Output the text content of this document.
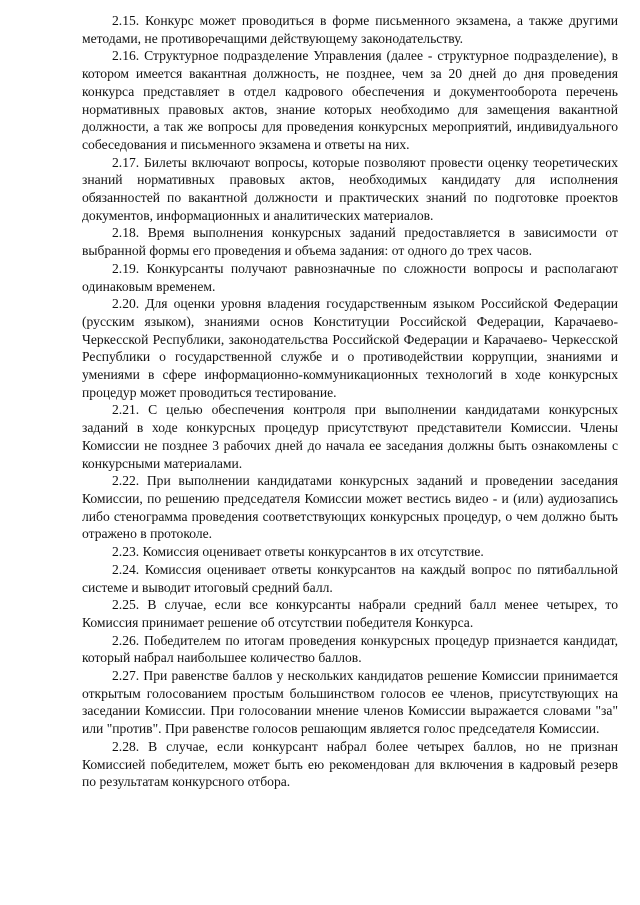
2.15. Конкурс может проводиться в форме письменного экзамена, а также другими методами, не противоречащими действующему законодательству.

2.16. Структурное подразделение Управления (далее - структурное подразделение), в котором имеется вакантная должность, не позднее, чем за 20 дней до дня проведения конкурса представляет в отдел кадрового обеспечения и документооборота перечень нормативных правовых актов, знание которых необходимо для замещения вакантной должности, а так же вопросы для проведения конкурсных мероприятий, индивидуального собеседования и письменного экзамена и ответы на них.

2.17. Билеты включают вопросы, которые позволяют провести оценку теоретических знаний нормативных правовых актов, необходимых кандидату для исполнения обязанностей по вакантной должности и практических знаний по подготовке проектов документов, информационных и аналитических материалов.

2.18. Время выполнения конкурсных заданий предоставляется в зависимости от выбранной формы его проведения и объема задания: от одного до трех часов.

2.19. Конкурсанты получают равнозначные по сложности вопросы и располагают одинаковым временем.

2.20. Для оценки уровня владения государственным языком Российской Федерации (русским языком), знаниями основ Конституции Российской Федерации, Карачаево-Черкесской Республики, законодательства Российской Федерации и Карачаево- Черкесской Республики о государственной службе и о противодействии коррупции, знаниями и умениями в сфере информационно-коммуникационных технологий в ходе конкурсных процедур может проводиться тестирование.

2.21. С целью обеспечения контроля при выполнении кандидатами конкурсных заданий в ходе конкурсных процедур присутствуют представители Комиссии. Члены Комиссии не позднее 3 рабочих дней до начала ее заседания должны быть ознакомлены с конкурсными материалами.

2.22. При выполнении кандидатами конкурсных заданий и проведении заседания Комиссии, по решению председателя Комиссии может вестись видео - и (или) аудиозапись либо стенограмма проведения соответствующих конкурсных процедур, о чем должно быть отражено в протоколе.

2.23. Комиссия оценивает ответы конкурсантов в их отсутствие.

2.24. Комиссия оценивает ответы конкурсантов на каждый вопрос по пятибалльной системе и выводит итоговый средний балл.

2.25. В случае, если все конкурсанты набрали средний балл менее четырех, то Комиссия принимает решение об отсутствии победителя Конкурса.

2.26. Победителем по итогам проведения конкурсных процедур признается кандидат, который набрал наибольшее количество баллов.

2.27. При равенстве баллов у нескольких кандидатов решение Комиссии принимается открытым голосованием простым большинством голосов ее членов, присутствующих на заседании Комиссии. При голосовании мнение членов Комиссии выражается словами "за" или "против". При равенстве голосов решающим является голос председателя Комиссии.

2.28. В случае, если конкурсант набрал более четырех баллов, но не признан Комиссией победителем, может быть ею рекомендован для включения в кадровый резерв по результатам конкурсного отбора.
